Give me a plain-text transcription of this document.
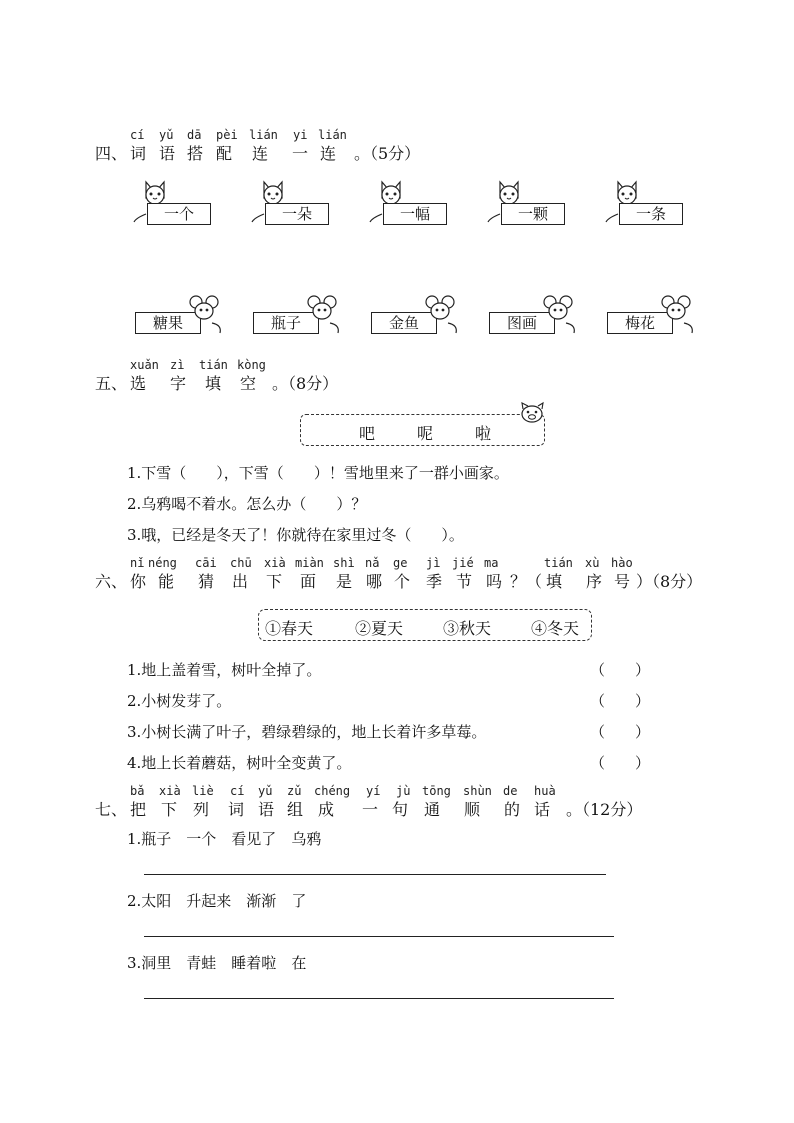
cí yǔ dā pèi lián yi lián
四、 词 语 搭 配 连 一 连 。（5分）
一个	一朵	一幅	一颗	一条
糖果	瓶子	金鱼	图画	梅花
xuǎn zì tián kòng
五、 选 字 填 空 。（8分）
吧	呢	啦
1.下雪（　　），下雪（　　）！雪地里来了一群小画家。
2.乌鸦喝不着水。怎么办（　　）？
3.哦，已经是冬天了！你就待在家里过冬（　　）。
nǐ néng cāi chū xià miàn shì nǎ ge jì jié ma	tián xù hào
六、 你 能 猜 出 下 面 是 哪 个 季 节 吗 ？（ 填 序 号 ）（8分）
①春天	②夏天 ③秋天 ④冬天
1.地上盖着雪，树叶全掉了。	（　　）
2.小树发芽了。	（　　）
3.小树长满了叶子，碧绿碧绿的，地上长着许多草莓。	（　　）
4.地上长着蘑菇，树叶全变黄了。	（　　）
bǎ xià liè cí yǔ zǔ chéng yí jù tōng shùn de huà
七、 把 下 列 词 语 组 成 一 句 通 顺 的 话 。（12分）
1.瓶子　一个　看见了　乌鸦
2.太阳　升起来　渐渐　了
3.洞里　青蛙　睡着啦　在
